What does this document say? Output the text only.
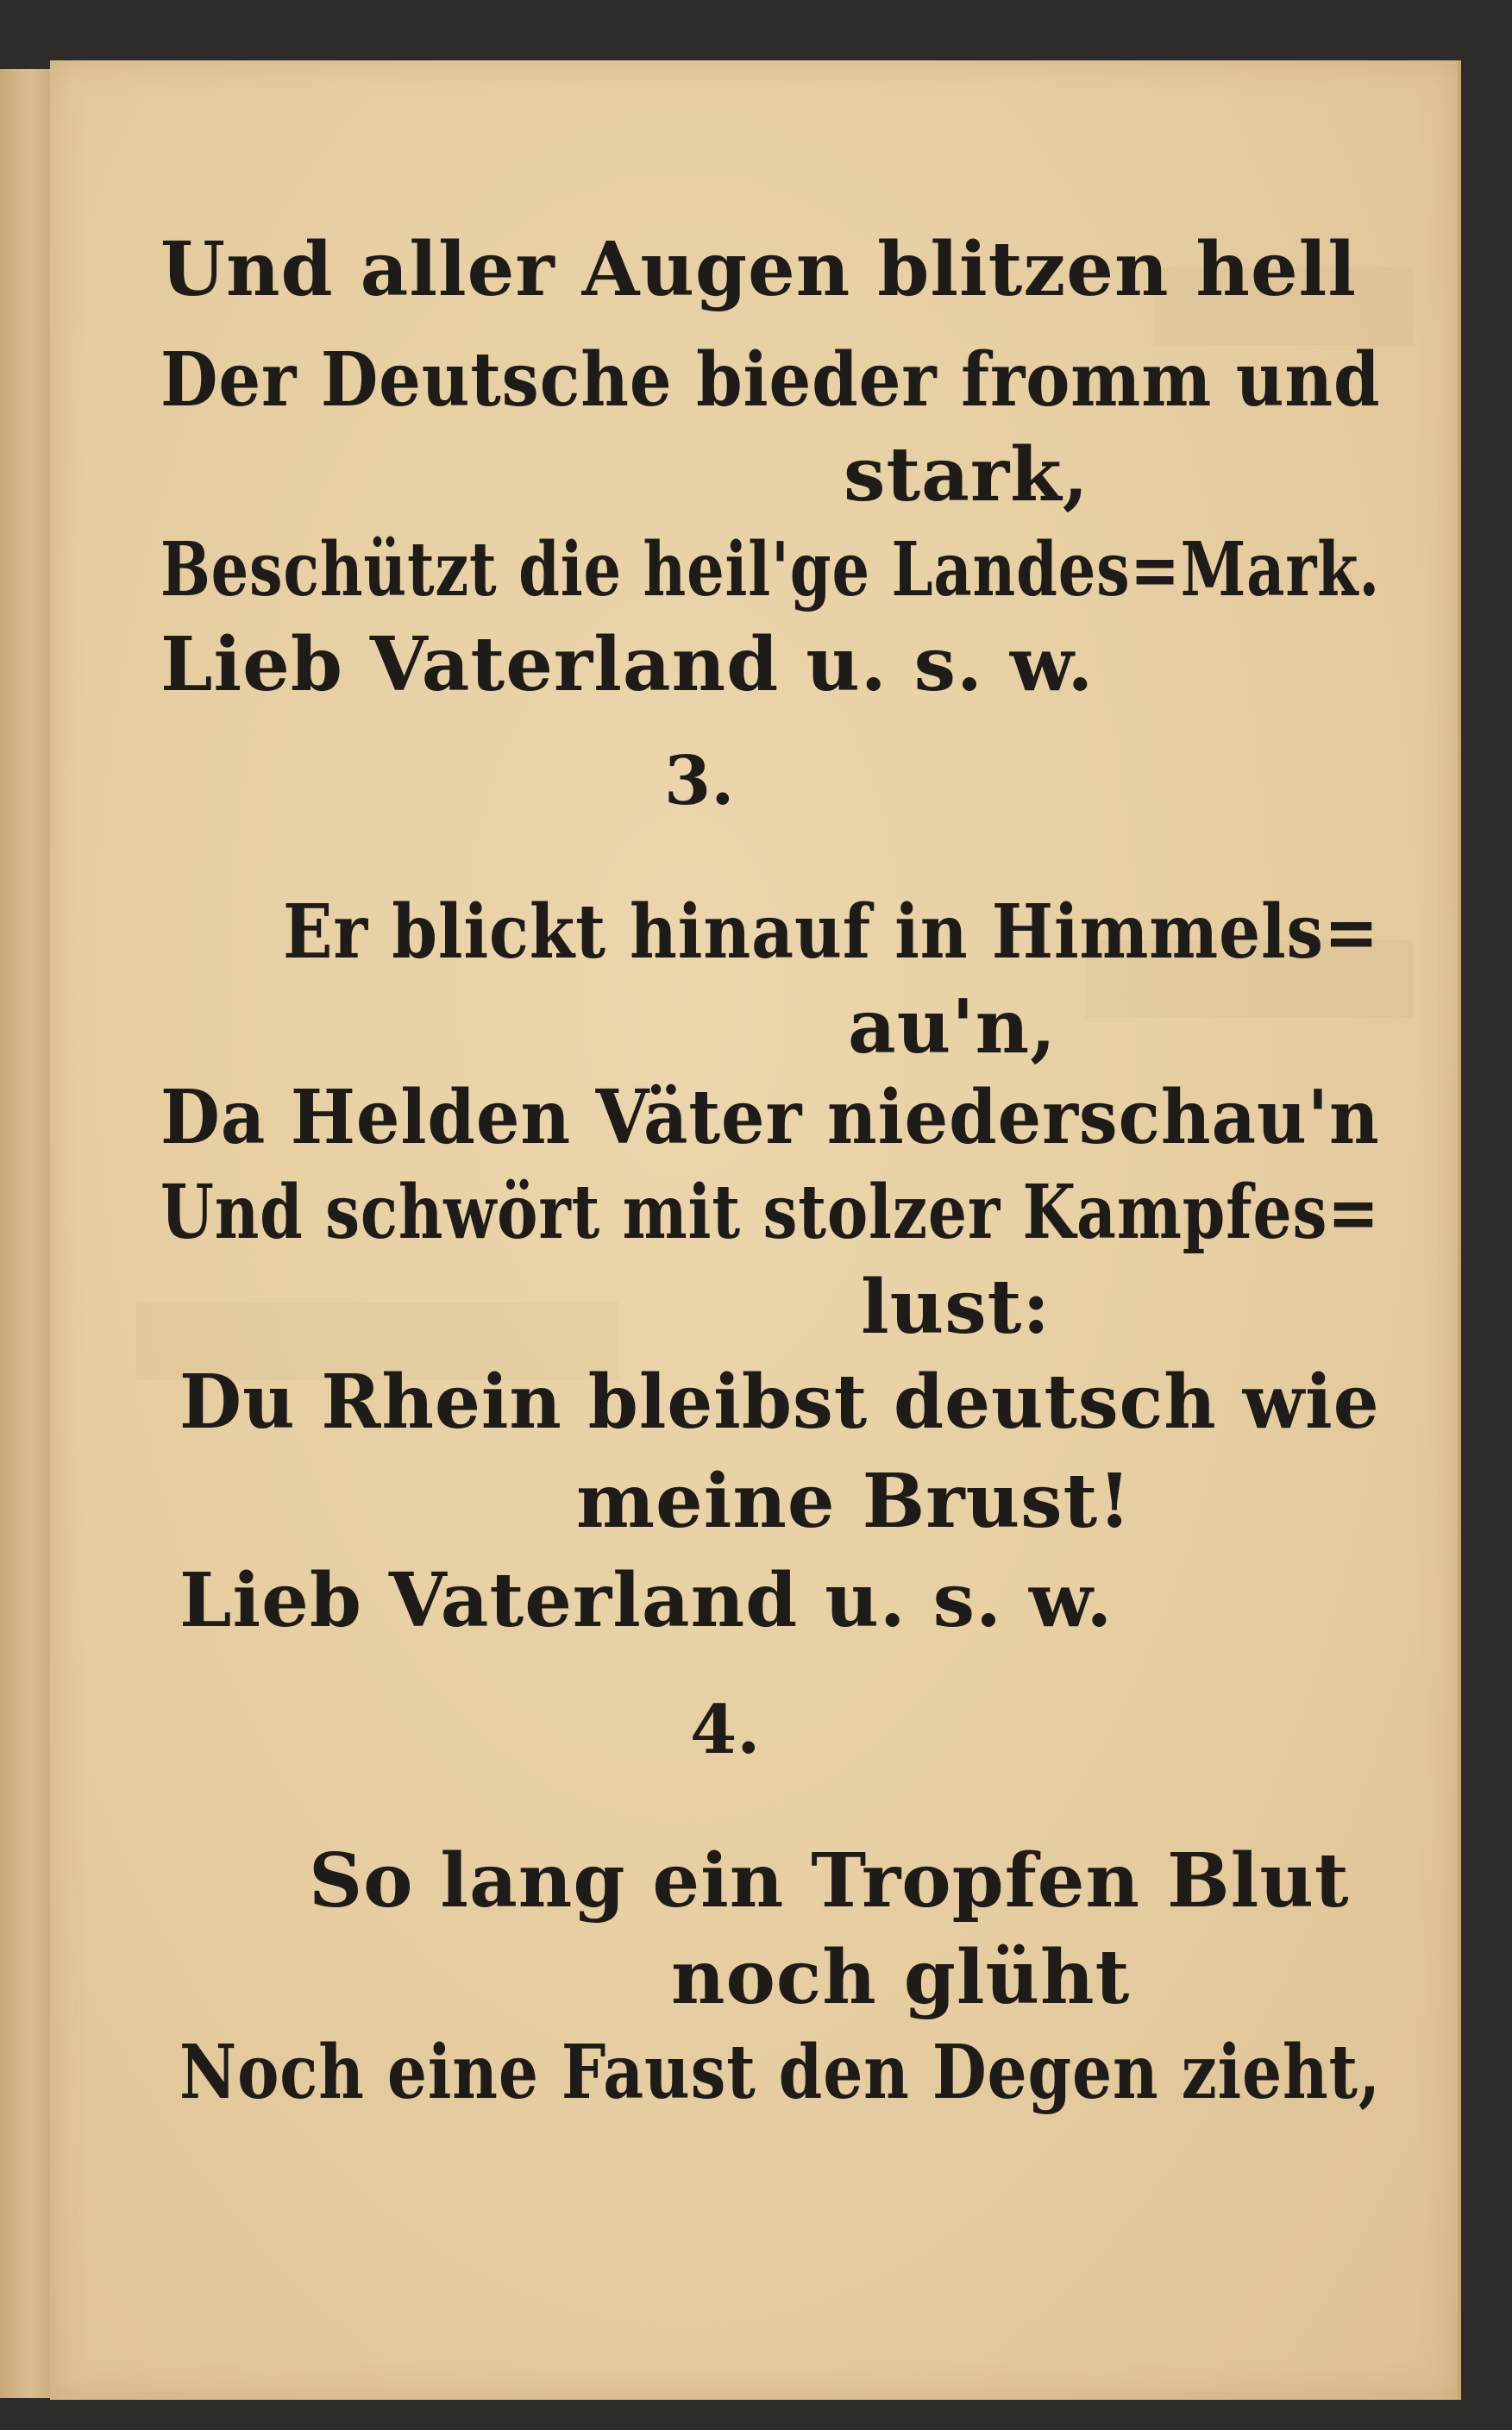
Und aller Augen blitzen hell
Der Deutsche bieder fromm und
stark,
Beschützt die heil'ge Landes=Mark.
Lieb Vaterland u. s. w.
3.
Er blickt hinauf in Himmels=
au'n,
Da Helden Väter niederschau'n
Und schwört mit stolzer Kampfes=
lust:
Du Rhein bleibst deutsch wie
meine Brust!
Lieb Vaterland u. s. w.
4.
So lang ein Tropfen Blut
noch glüht
Noch eine Faust den Degen zieht,
